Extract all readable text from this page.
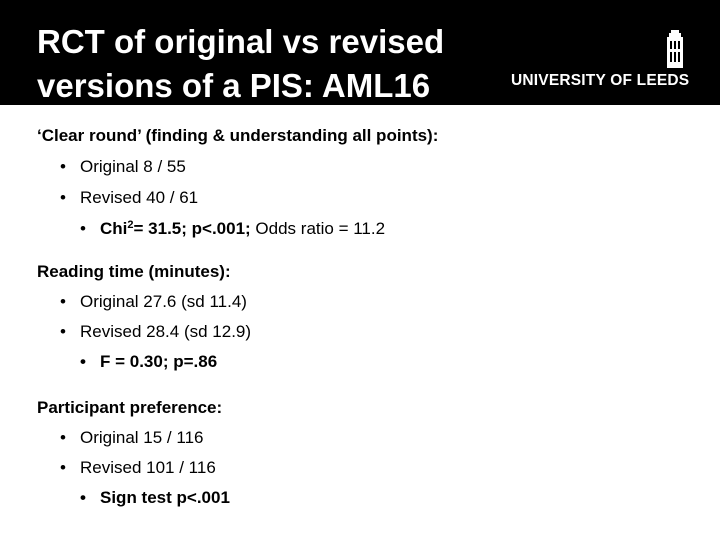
RCT of original vs revised
versions of a PIS: AML16	UNIVERSITY OF LEEDS
‘Clear round’ (finding & understanding all points):
• Original 8 / 55
• Revised 40 / 61
• Chi$^2$= 31.5; p<.001; Odds ratio = 11.2
Reading time (minutes):
• Original 27.6 (sd 11.4)
• Revised 28.4 (sd 12.9)
• F = 0.30; p=.86
Participant preference:
• Original 15 / 116
• Revised 101 / 116
• Sign test p<.001
